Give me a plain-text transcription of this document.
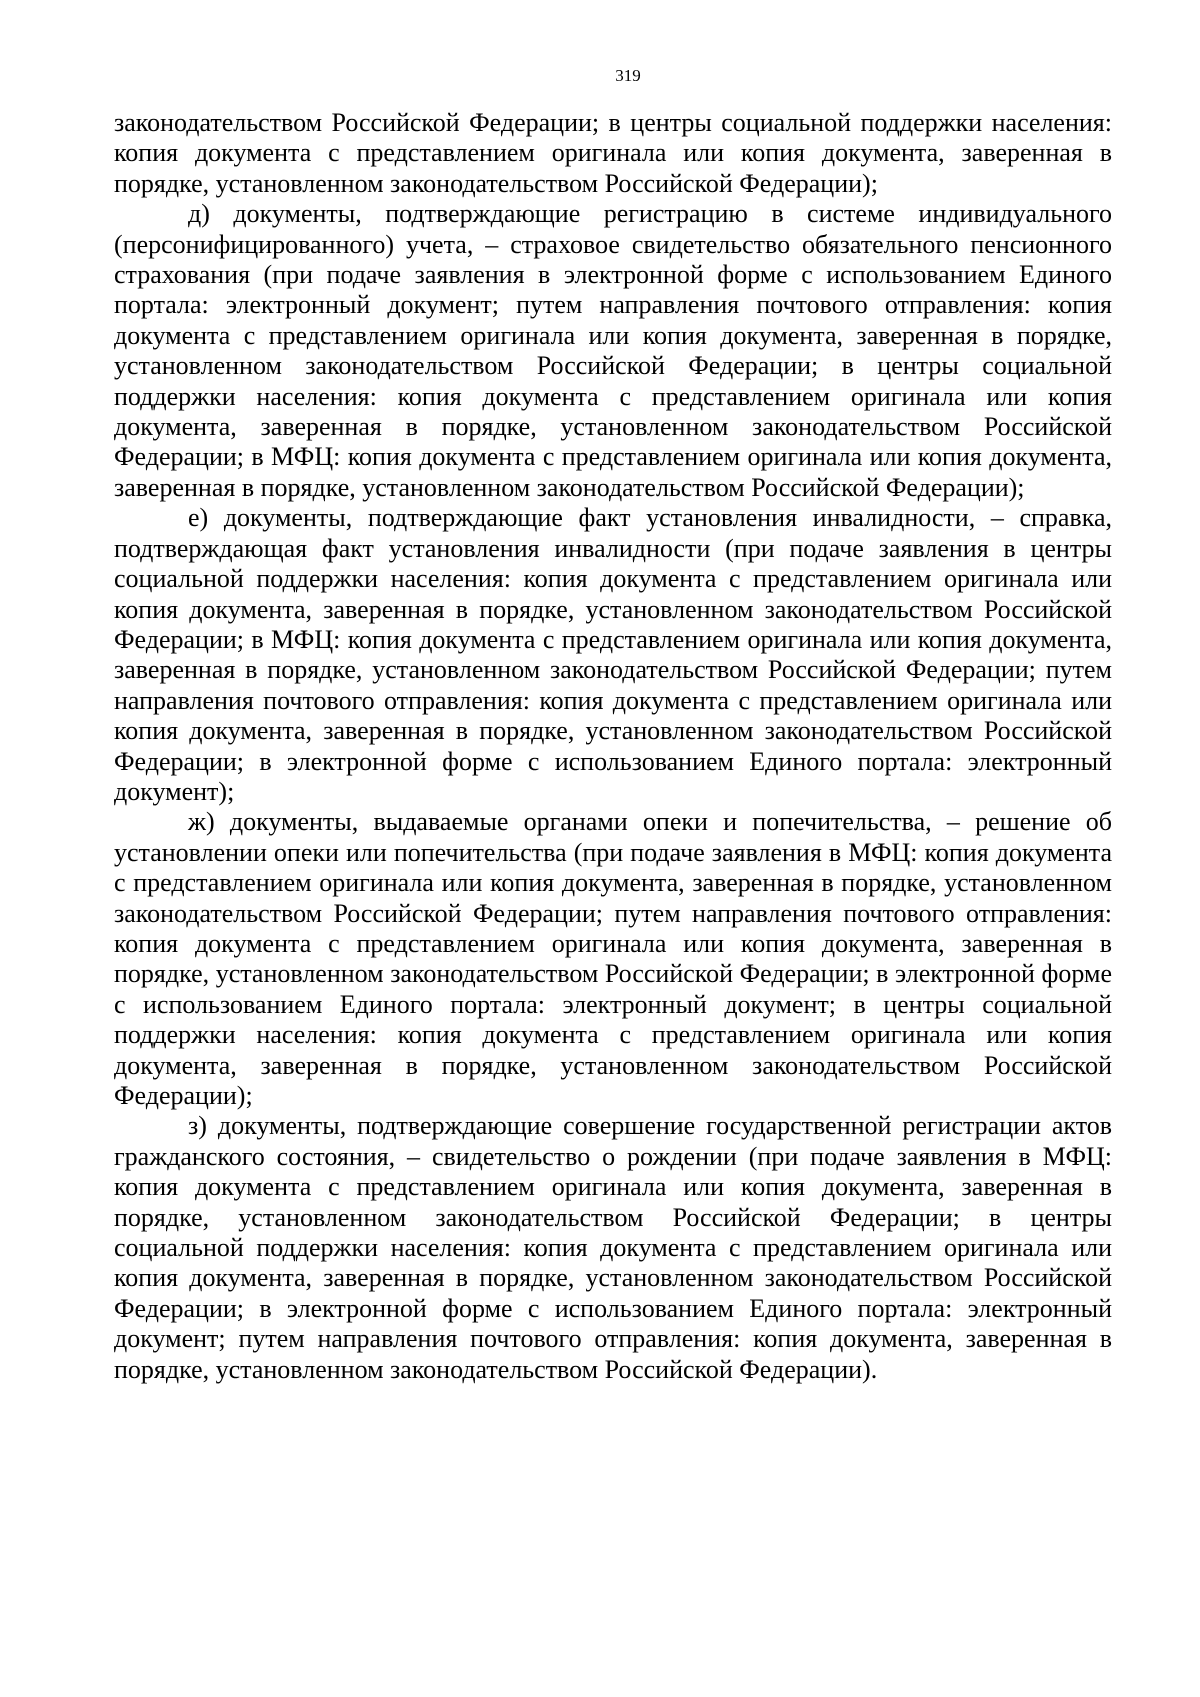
319

законодательством Российской Федерации; в центры социальной поддержки населения: копия документа с представлением оригинала или копия документа, заверенная в порядке, установленном законодательством Российской Федерации);

д) документы, подтверждающие регистрацию в системе индивидуального (персонифицированного) учета, – страховое свидетельство обязательного пенсионного страхования (при подаче заявления в электронной форме с использованием Единого портала: электронный документ; путем направления почтового отправления: копия документа с представлением оригинала или копия документа, заверенная в порядке, установленном законодательством Российской Федерации; в центры социальной поддержки населения: копия документа с представлением оригинала или копия документа, заверенная в порядке, установленном законодательством Российской Федерации; в МФЦ: копия документа с представлением оригинала или копия документа, заверенная в порядке, установленном законодательством Российской Федерации);

е) документы, подтверждающие факт установления инвалидности, – справка, подтверждающая факт установления инвалидности (при подаче заявления в центры социальной поддержки населения: копия документа с представлением оригинала или копия документа, заверенная в порядке, установленном законодательством Российской Федерации; в МФЦ: копия документа с представлением оригинала или копия документа, заверенная в порядке, установленном законодательством Российской Федерации; путем направления почтового отправления: копия документа с представлением оригинала или копия документа, заверенная в порядке, установленном законодательством Российской Федерации; в электронной форме с использованием Единого портала: электронный документ);

ж) документы, выдаваемые органами опеки и попечительства, – решение об установлении опеки или попечительства (при подаче заявления в МФЦ: копия документа с представлением оригинала или копия документа, заверенная в порядке, установленном законодательством Российской Федерации; путем направления почтового отправления: копия документа с представлением оригинала или копия документа, заверенная в порядке, установленном законодательством Российской Федерации; в электронной форме с использованием Единого портала: электронный документ; в центры социальной поддержки населения: копия документа с представлением оригинала или копия документа, заверенная в порядке, установленном законодательством Российской Федерации);

з) документы, подтверждающие совершение государственной регистрации актов гражданского состояния, – свидетельство о рождении (при подаче заявления в МФЦ: копия документа с представлением оригинала или копия документа, заверенная в порядке, установленном законодательством Российской Федерации; в центры социальной поддержки населения: копия документа с представлением оригинала или копия документа, заверенная в порядке, установленном законодательством Российской Федерации; в электронной форме с использованием Единого портала: электронный документ; путем направления почтового отправления: копия документа, заверенная в порядке, установленном законодательством Российской Федерации).
